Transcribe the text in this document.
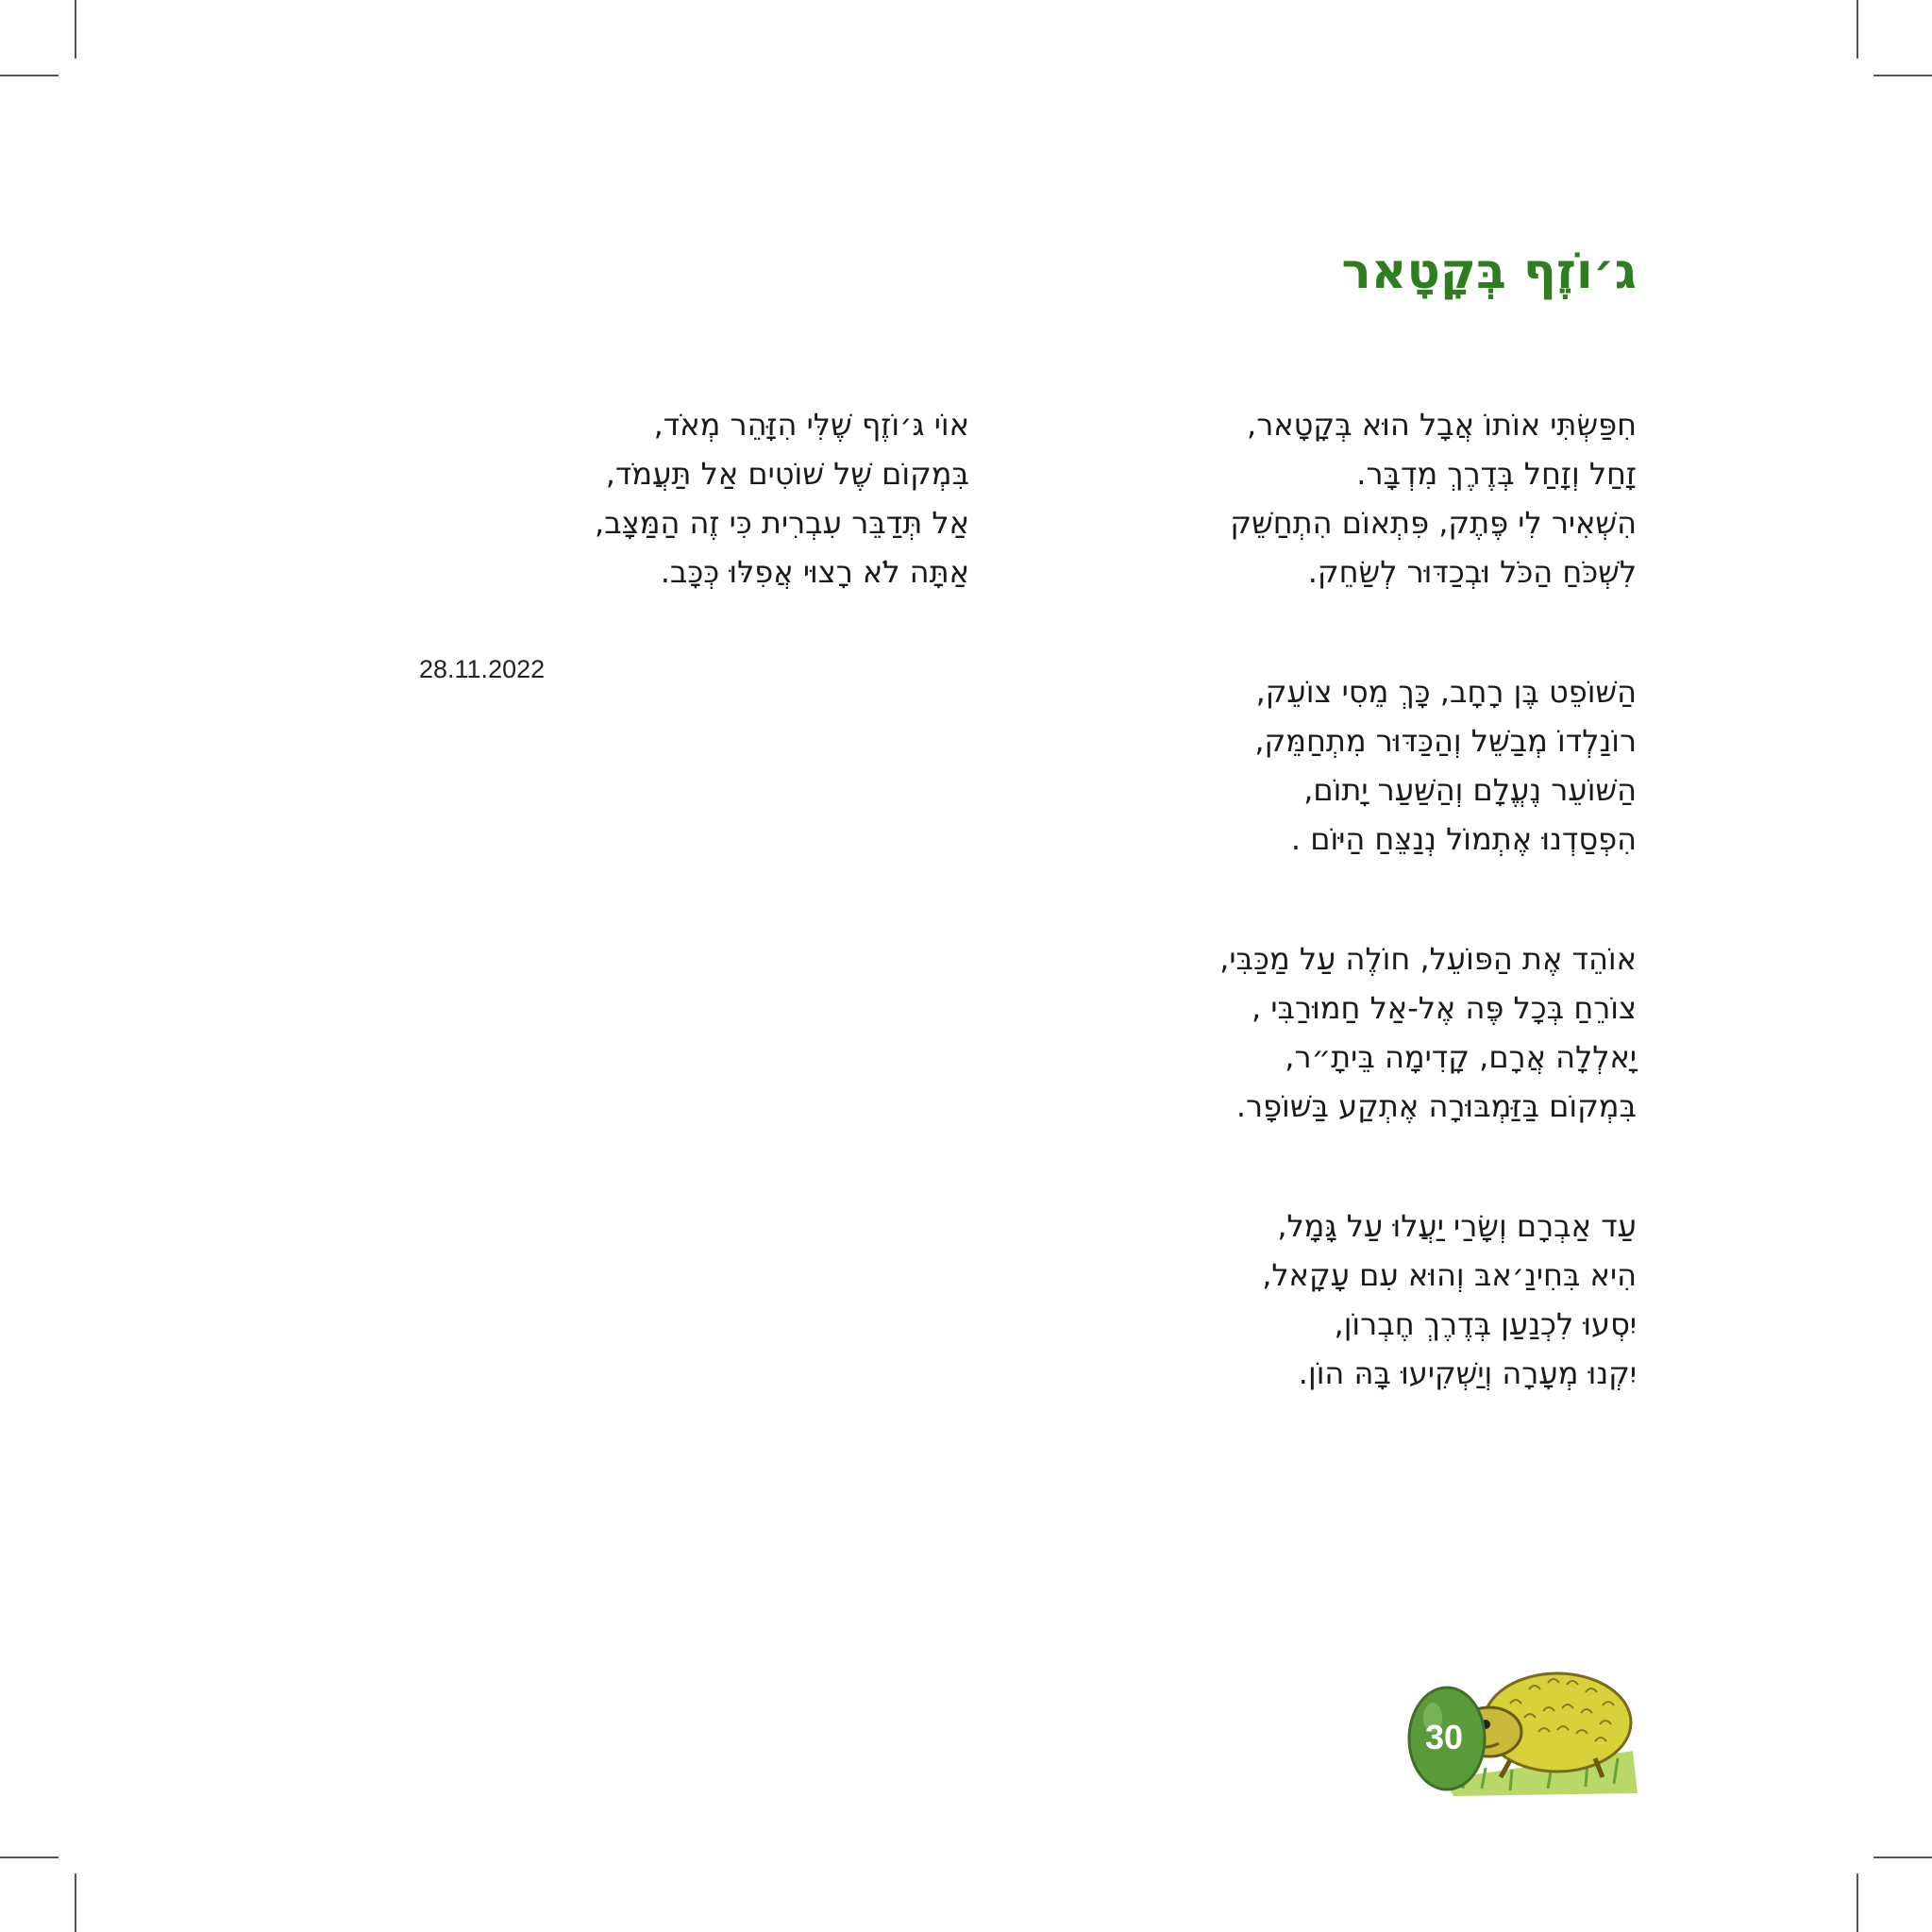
ג׳וֹזֶף בְּקָטָאר
חִפַּשְׂתִּי אוֹתוֹ אֲבָל הוּא בְּקָטָאר,
זָחַל וְזָחַל בְּדֶרֶךְ מִדְבָּר.
הִשְׁאִיר לִי פֶּתֶק, פִּתְאוֹם הִתְחַשֵּׁק
לִשְׁכֹּחַ הַכֹּל וּבְכַדּוּר לְשַׂחֵק.
הַשּׁוֹפֵט בֶּן רָחָב, כָּךְ מֵסִי צוֹעֵק,
רוֹנַלְדוֹ מְבַשֵּׁל וְהַכַּדּוּר מִתְחַמֵּק,
הַשּׁוֹעֵר נֶעֱלָם וְהַשַּׁעַר יָתוֹם,
הִפְסַדְנוּ אֶתְמוֹל נְנַצֵּחַ הַיּוֹם .
אוֹהֵד אֶת הַפּוֹעֵל, חוֹלֶה עַל מַכַּבִּי,
צוֹרֵחַ בְּכָל פֶּה אֶל-אַל חַמוּרַבִּי ,
יָאלְלָה אֲרָם, קָדִימָה בֵּיתָ״ר,
בִּמְקוֹם בַּזַּמְבּוּרָה אֶתְקַע בַּשּׁוֹפָר.
עַד אַבְרָם וְשָׂרַי יַעֲלוּ עַל גָּמָל,
הִיא בִּחִינַ׳אבּ וְהוּא עִם עָקָאל,
יִסְעוּ לִכְנַעַן בְּדֶרֶךְ חֶבְרוֹן,
יִקְנוּ מְעָרָה וְיַשְׁקִיעוּ בָּהּ הוֹן.
אוֹי גּ׳וֹזֶף שֶׁלִּי הִזָּהֵר מְאֹד,
בִּמְקוֹם שֶׁל שׁוֹטִים אַל תַּעֲמֹד,
אַל תְּדַבֵּר עִבְרִית כִּי זֶה הַמַּצָּב,
אַתָּה לֹא רָצוּי אֲפִלּוּ כְּכָּב.
28.11.2022
30
